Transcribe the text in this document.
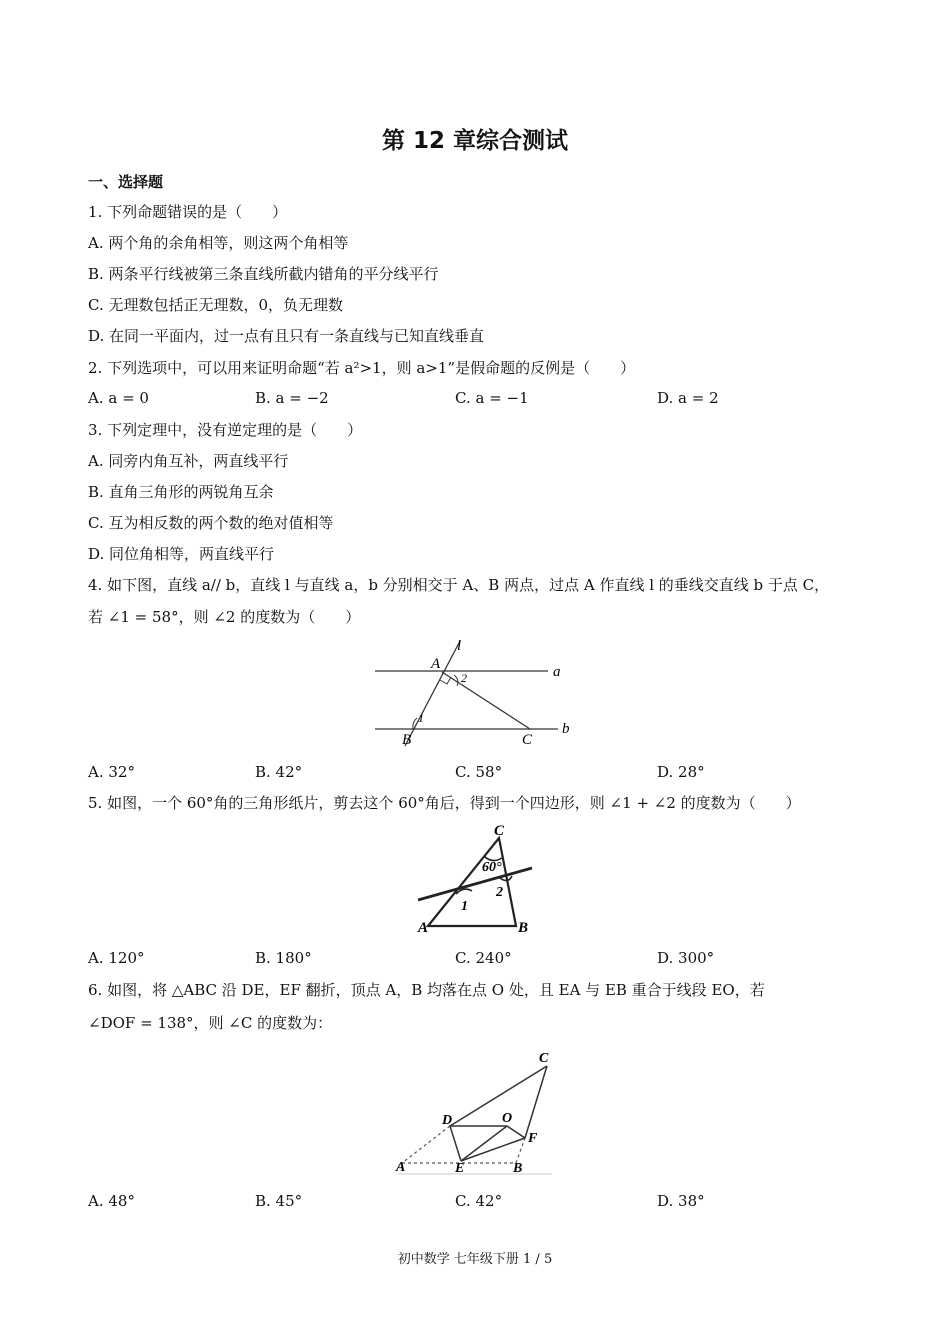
第 12 章综合测试
一、选择题
1. 下列命题错误的是（　　）
A. 两个角的余角相等，则这两个角相等
B. 两条平行线被第三条直线所截内错角的平分线平行
C. 无理数包括正无理数，0，负无理数
D. 在同一平面内，过一点有且只有一条直线与已知直线垂直
2. 下列选项中，可以用来证明命题“若 a²>1，则 a>1”是假命题的反例是（　　）
A. a = 0	B. a = −2	C. a = −1	D. a = 2
3. 下列定理中，没有逆定理的是（　　）
A. 同旁内角互补，两直线平行
B. 直角三角形的两锐角互余
C. 互为相反数的两个数的绝对值相等
D. 同位角相等，两直线平行
4. 如下图，直线 a// b，直线 l 与直线 a，b 分别相交于 A、B 两点，过点 A 作直线 l 的垂线交直线 b 于点 C，
若 ∠1 = 58°，则 ∠2 的度数为（　　）
l
A
2	a
1
B	C
b
A. 32°	B. 42°	C. 58°	D. 28°
5. 如图，一个 60°角的三角形纸片，剪去这个 60°角后，得到一个四边形，则 ∠1 + ∠2 的度数为（　　）
C
60°
1
2
A	B
A. 120°	B. 180°	C. 240°	D. 300°
6. 如图，将 △ABC 沿 DE，EF 翻折，顶点 A，B 均落在点 O 处，且 EA 与 EB 重合于线段 EO，若
∠DOF = 138°，则 ∠C 的度数为：
C
D	O
F
A	E	B
A. 48°	B. 45°	C. 42°	D. 38°
初中数学 七年级下册 1 / 5
